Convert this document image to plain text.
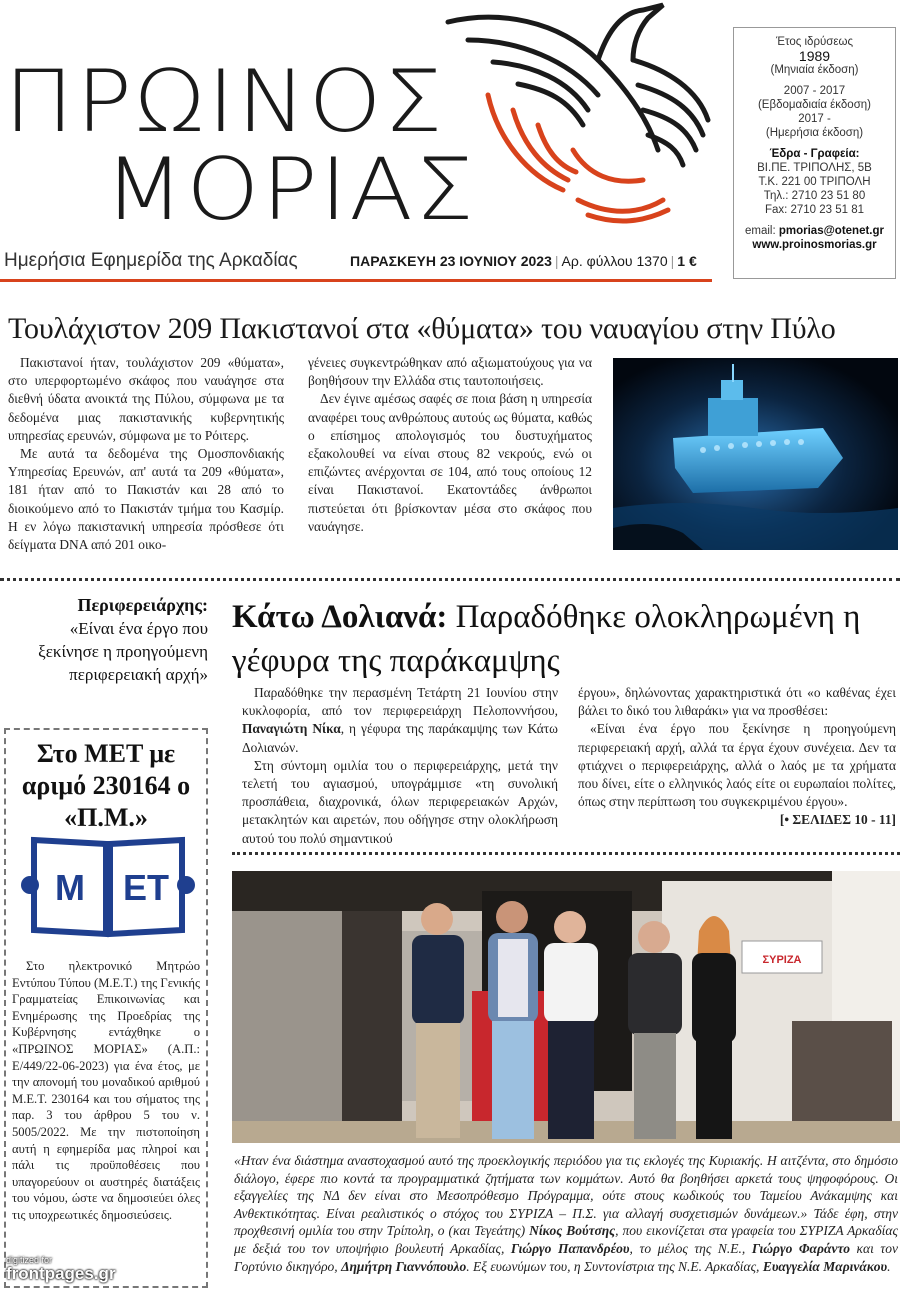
ΠΡΩΙΝΟΣ
ΜΟΡΙΑΣ
Έτος ιδρύσεως
1989
(Μηνιαία έκδοση)
2007 - 2017
(Εβδομαδιαία έκδοση)
2017 -
(Ημερήσια έκδοση)
Έδρα - Γραφεία:
ΒΙ.ΠΕ. ΤΡΙΠΟΛΗΣ, 5Β
Τ.Κ. 221 00 ΤΡΙΠΟΛΗ
Τηλ.: 2710 23 51 80
Fax: 2710 23 51 81
email: pmorias@otenet.gr
www.proinosmorias.gr
Ημερήσια Εφημερίδα της Αρκαδίας	ΠΑΡΑΣΚΕΥΗ 23 ΙΟΥΝΙΟΥ 2023 | Αρ. φύλλου 1370 | 1 €
Τουλάχιστον 209 Πακιστανοί στα «θύματα» του ναυαγίου στην Πύλο

Πακιστανοί ήταν, τουλάχιστον 209 «θύματα», στο υπερφορτωμένο σκάφος που ναυάγησε στα διεθνή ύδατα ανοικτά της Πύλου, σύμφωνα με τα δεδομένα μιας πακιστανικής κυβερνητικής υπηρεσίας ερευνών, σύμφωνα με το Ρόιτερς.

Με αυτά τα δεδομένα της Ομοσπονδιακής Υπηρεσίας Ερευνών, απ' αυτά τα 209 «θύματα», 181 ήταν από το Πακιστάν και 28 από το διοικούμενο από το Πακιστάν τμήμα του Κασμίρ. Η εν λόγω πακιστανική υπηρεσία πρόσθεσε ότι δείγματα DNA από 201 οικο-

γένειες συγκεντρώθηκαν από αξιωματούχους για να βοηθήσουν την Ελλάδα στις ταυτοποιήσεις.

Δεν έγινε αμέσως σαφές σε ποια βάση η υπηρεσία αναφέρει τους ανθρώπους αυτούς ως θύματα, καθώς ο επίσημος απολογισμός του δυστυχήματος εξακολουθεί να είναι στους 82 νεκρούς, ενώ οι επιζώντες ανέρχονται σε 104, από τους οποίους 12 είναι Πακιστανοί. Εκατοντάδες άνθρωποι πιστεύεται ότι βρίσκονταν μέσα στο σκάφος που ναυάγησε.

Περιφερειάρχης:
«Είναι ένα έργο που ξεκίνησε η προηγούμενη περιφερειακή αρχή»
Στο ΜΕΤ με αριμό 230164 ο «Π.Μ.»
Μ ΕΤ

Στο ηλεκτρονικό Μητρώο Εντύπου Τύπου (Μ.Ε.Τ.) της Γενικής Γραμματείας Επικοινωνίας και Ενημέρωσης της Προεδρίας της Κυβέρνησης εντάχθηκε ο «ΠΡΩΙΝΟΣ ΜΟΡΙΑΣ» (Α.Π.: Ε/449/22-06-2023) για ένα έτος, με την απονομή του μοναδικού αριθμού Μ.Ε.Τ. 230164 και του σήματος της παρ. 3 του άρθρου 5 του ν. 5005/2022. Με την πιστοποίηση αυτή η εφημερίδα μας πληροί και πάλι τις προϋποθέσεις που υπαγορεύουν οι αυστηρές διατάξεις του νόμου, ώστε να δημοσιεύει όλες τις υποχρεωτικές δημοσιεύσεις.

digitized for
frontpages.gr
Κάτω Δολιανά: Παραδόθηκε ολοκληρωμένη η γέφυρα της παράκαμψης

Παραδόθηκε την περασμένη Τετάρτη 21 Ιουνίου στην κυκλοφορία, από τον περιφερειάρχη Πελοποννήσου, Παναγιώτη Νίκα, η γέφυρα της παράκαμψης των Κάτω Δολιανών.

Στη σύντομη ομιλία του ο περιφερειάρχης, μετά την τελετή του αγιασμού, υπογράμμισε «τη συνολική προσπάθεια, διαχρονικά, όλων περιφερειακών Αρχών, μετακλητών και αιρετών, που οδήγησε στην ολοκλήρωση αυτού του πολύ σημαντικού

έργου», δηλώνοντας χαρακτηριστικά ότι «ο καθένας έχει βάλει το δικό του λιθαράκι» για να προσθέσει:

«Είναι ένα έργο που ξεκίνησε η προηγούμενη περιφερειακή αρχή, αλλά τα έργα έχουν συνέχεια. Δεν τα φτιάχνει ο περιφερειάρχης, αλλά ο λαός με τα χρήματα που δίνει, είτε ο ελληνικός λαός είτε οι ευρωπαίοι πολίτες, όπως στην περίπτωση του συγκεκριμένου έργου».

[• ΣΕΛΙΔΕΣ 10 - 11]
ΣΥΡΙΖΑ

«Ηταν ένα διάστημα αναστοχασμού αυτό της προεκλογικής περιόδου για τις εκλογές της Κυριακής. Η αιτζέντα, στο δημόσιο διάλογο, έφερε πιο κοντά τα προγραμματικά ζητήματα των κομμάτων. Αυτό θα βοηθήσει αρκετά τους ψηφοφόρους. Οι εξαγγελίες της ΝΔ δεν είναι στο Μεσοπρόθεσμο Πρόγραμμα, ούτε στους κωδικούς του Ταμείου Ανάκαμψης και Ανθεκτικότητας. Είναι ρεαλιστικός ο στόχος του ΣΥΡΙΖΑ – Π.Σ. για αλλαγή συσχετισμών δυνάμεων.» Τάδε έφη, στην προχθεσινή ομιλία του στην Τρίπολη, ο (και Τεγεάτης) Νίκος Βούτσης, που εικονίζεται στα γραφεία του ΣΥΡΙΖΑ Αρκαδίας με δεξιά του τον υποψήφιο βουλευτή Αρκαδίας, Γιώργο Παπανδρέου, το μέλος της Ν.Ε., Γιώργο Φαράντο και τον Γορτύνιο δικηγόρο, Δημήτρη Γιαννόπουλο. Εξ ευωνύμων του, η Συντονίστρια της Ν.Ε. Αρκαδίας, Ευαγγελία Μαρινάκου.
